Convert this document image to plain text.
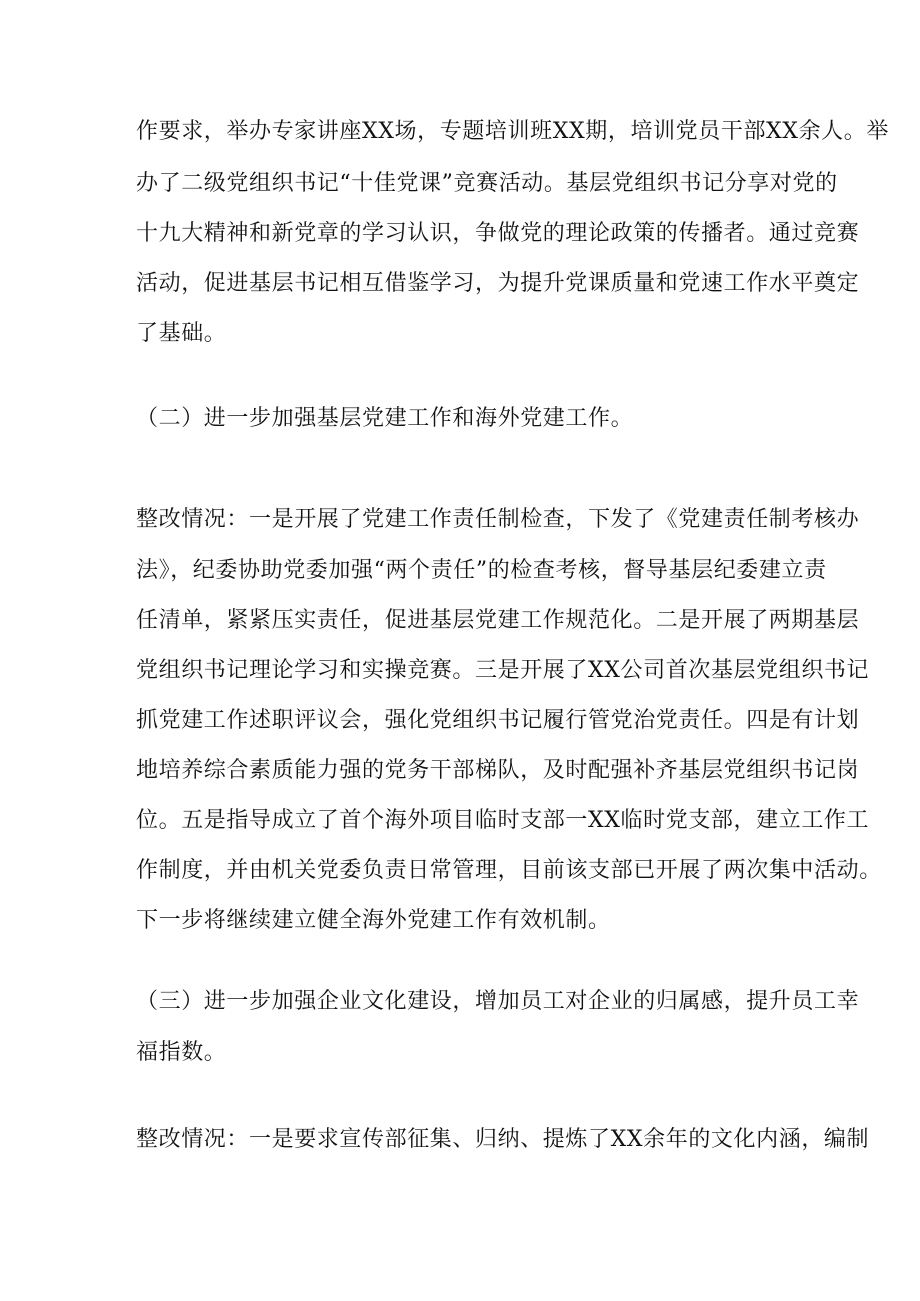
作要求，举办专家讲座XX场，专题培训班XX期，培训党员干部XX余人。举
办了二级党组织书记“十佳党课”竞赛活动。基层党组织书记分享对党的
十九大精神和新党章的学习认识，争做党的理论政策的传播者。通过竞赛
活动，促进基层书记相互借鉴学习，为提升党课质量和党速工作水平奠定
了基础。
（二）进一步加强基层党建工作和海外党建工作。
整改情况：一是开展了党建工作责任制检查，下发了《党建责任制考核办
法》，纪委协助党委加强“两个责任”的检查考核，督导基层纪委建立责
任清单，紧紧压实责任，促进基层党建工作规范化。二是开展了两期基层
党组织书记理论学习和实操竞赛。三是开展了XX公司首次基层党组织书记
抓党建工作述职评议会，强化党组织书记履行管党治党责任。四是有计划
地培养综合素质能力强的党务干部梯队，及时配强补齐基层党组织书记岗
位。五是指导成立了首个海外项目临时支部一XX临时党支部，建立工作工
作制度，并由机关党委负责日常管理，目前该支部已开展了两次集中活动。
下一步将继续建立健全海外党建工作有效机制。
（三）进一步加强企业文化建设，增加员工对企业的归属感，提升员工幸
福指数。
整改情况：一是要求宣传部征集、归纳、提炼了XX余年的文化内涵，编制
